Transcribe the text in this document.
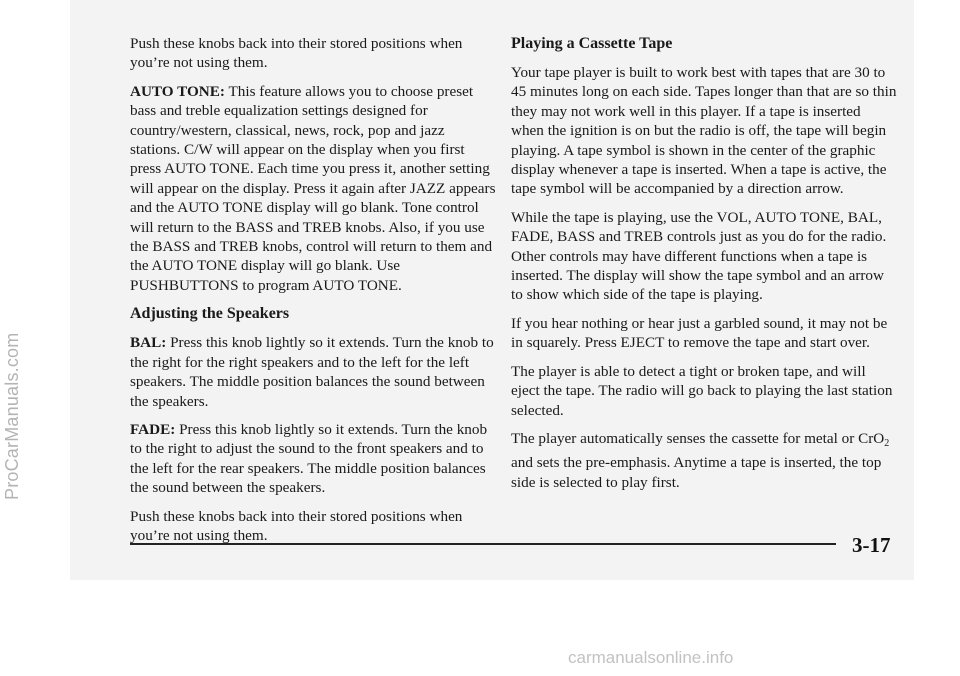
ProCarManuals.com

Push these knobs back into their stored positions when you’re not using them.

AUTO TONE: This feature allows you to choose preset bass and treble equalization settings designed for country/western, classical, news, rock, pop and jazz stations. C/W will appear on the display when you first press AUTO TONE. Each time you press it, another setting will appear on the display. Press it again after JAZZ appears and the AUTO TONE display will go blank. Tone control will return to the BASS and TREB knobs. Also, if you use the BASS and TREB knobs, control will return to them and the AUTO TONE display will go blank. Use PUSHBUTTONS to program AUTO TONE.

Adjusting the Speakers

BAL: Press this knob lightly so it extends. Turn the knob to the right for the right speakers and to the left for the left speakers. The middle position balances the sound between the speakers.

FADE: Press this knob lightly so it extends. Turn the knob to the right to adjust the sound to the front speakers and to the left for the rear speakers. The middle position balances the sound between the speakers.

Push these knobs back into their stored positions when you’re not using them.

Playing a Cassette Tape

Your tape player is built to work best with tapes that are 30 to 45 minutes long on each side. Tapes longer than that are so thin they may not work well in this player. If a tape is inserted when the ignition is on but the radio is off, the tape will begin playing. A tape symbol is shown in the center of the graphic display whenever a tape is inserted. When a tape is active, the tape symbol will be accompanied by a direction arrow.

While the tape is playing, use the VOL, AUTO TONE, BAL, FADE, BASS and TREB controls just as you do for the radio. Other controls may have different functions when a tape is inserted. The display will show the tape symbol and an arrow to show which side of the tape is playing.

If you hear nothing or hear just a garbled sound, it may not be in squarely. Press EJECT to remove the tape and start over.

The player is able to detect a tight or broken tape, and will eject the tape. The radio will go back to playing the last station selected.

The player automatically senses the cassette for metal or CrO$_2$ and sets the pre-emphasis. Anytime a tape is inserted, the top side is selected to play first.

3-17
carmanualsonline.info
